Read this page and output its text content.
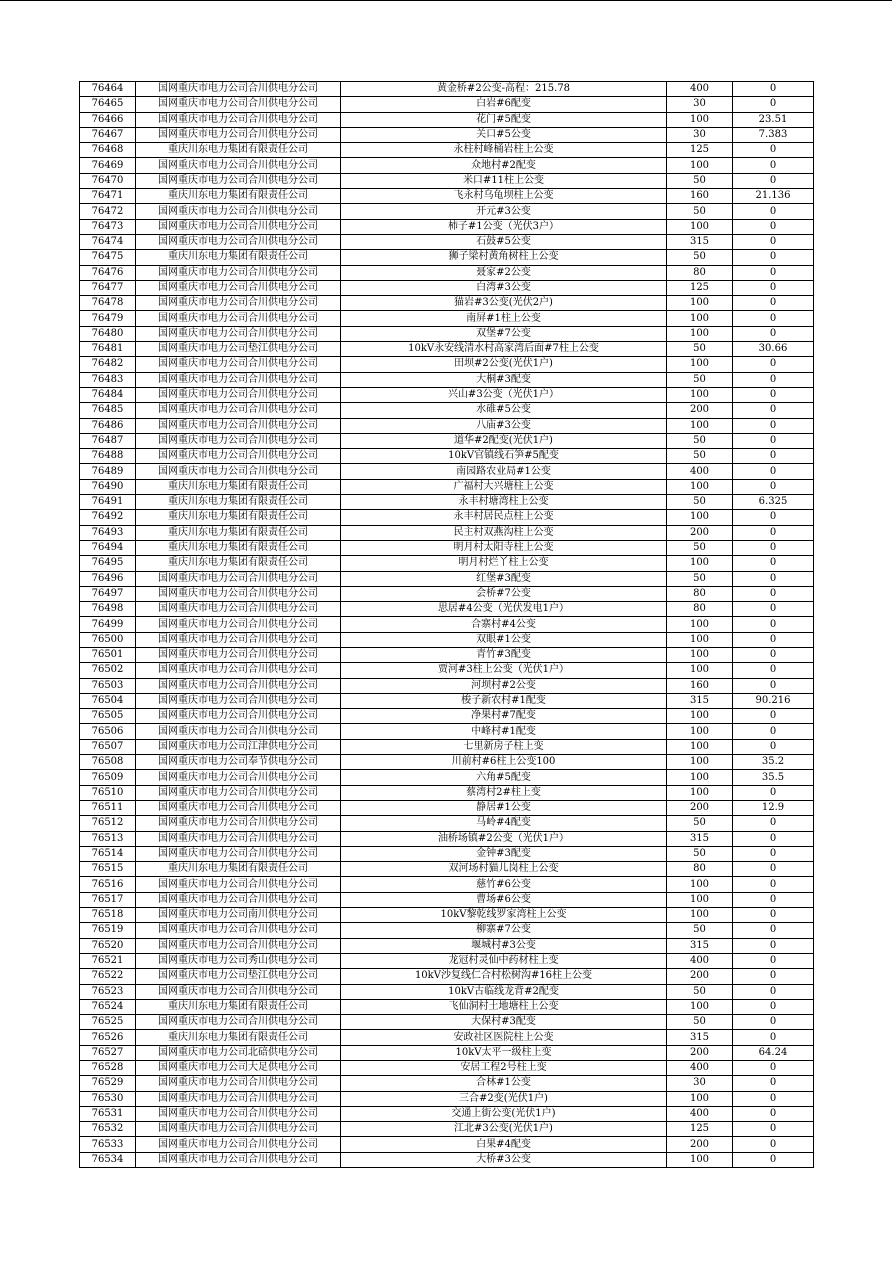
76464	国网重庆市电力公司合川供电分公司	黄金桥#2公变-高程：215.78	400	0
76465	国网重庆市电力公司合川供电分公司	白岩#6配变	30	0
76466	国网重庆市电力公司合川供电分公司	花门#5配变	100	23.51
76467	国网重庆市电力公司合川供电分公司	关口#5公变	30	7.383
76468	重庆川东电力集团有限责任公司	永柱村峰桶岩柱上公变	125	0
76469	国网重庆市电力公司合川供电分公司	众地村#2配变	100	0
76470	国网重庆市电力公司合川供电分公司	米口#11柱上公变	50	0
76471	重庆川东电力集团有限责任公司	飞永村乌龟坝柱上公变	160	21.136
76472	国网重庆市电力公司合川供电分公司	开元#3公变	50	0
76473	国网重庆市电力公司合川供电分公司	柿子#1公变（光伏3户）	100	0
76474	国网重庆市电力公司合川供电分公司	石鼓#5公变	315	0
76475	重庆川东电力集团有限责任公司	狮子梁村黄角树柱上公变	50	0
76476	国网重庆市电力公司合川供电分公司	聂家#2公变	80	0
76477	国网重庆市电力公司合川供电分公司	白湾#3公变	125	0
76478	国网重庆市电力公司合川供电分公司	猫岩#3公变(光伏2户)	100	0
76479	国网重庆市电力公司合川供电分公司	南屏#1柱上公变	100	0
76480	国网重庆市电力公司合川供电分公司	双堡#7公变	100	0
76481	国网重庆市电力公司垫江供电分公司	10kV永安线清水村高家湾后面#7柱上公变	50	30.66
76482	国网重庆市电力公司合川供电分公司	田坝#2公变(光伏1户)	100	0
76483	国网重庆市电力公司合川供电分公司	大桐#3配变	50	0
76484	国网重庆市电力公司合川供电分公司	兴山#3公变（光伏1户）	100	0
76485	国网重庆市电力公司合川供电分公司	水碓#5公变	200	0
76486	国网重庆市电力公司合川供电分公司	八庙#3公变	100	0
76487	国网重庆市电力公司合川供电分公司	道华#2配变(光伏1户)	50	0
76488	国网重庆市电力公司合川供电分公司	10kV官镇线石笋#5配变	50	0
76489	国网重庆市电力公司合川供电分公司	南园路农业局#1公变	400	0
76490	重庆川东电力集团有限责任公司	广福村大兴塘柱上公变	100	0
76491	重庆川东电力集团有限责任公司	永丰村塘湾柱上公变	50	6.325
76492	重庆川东电力集团有限责任公司	永丰村居民点柱上公变	100	0
76493	重庆川东电力集团有限责任公司	民主村双燕沟柱上公变	200	0
76494	重庆川东电力集团有限责任公司	明月村太阳寺柱上公变	50	0
76495	重庆川东电力集团有限责任公司	明月村烂丫柱上公变	100	0
76496	国网重庆市电力公司合川供电分公司	红堡#3配变	50	0
76497	国网重庆市电力公司合川供电分公司	会桥#7公变	80	0
76498	国网重庆市电力公司合川供电分公司	思居#4公变（光伏发电1户）	80	0
76499	国网重庆市电力公司合川供电分公司	合寨村#4公变	100	0
76500	国网重庆市电力公司合川供电分公司	双眼#1公变	100	0
76501	国网重庆市电力公司合川供电分公司	青竹#3配变	100	0
76502	国网重庆市电力公司合川供电分公司	贾河#3柱上公变（光伏1户）	100	0
76503	国网重庆市电力公司合川供电分公司	河坝村#2公变	160	0
76504	国网重庆市电力公司合川供电分公司	梭子新农村#1配变	315	90.216
76505	国网重庆市电力公司合川供电分公司	净果村#7配变	100	0
76506	国网重庆市电力公司合川供电分公司	中峰村#1配变	100	0
76507	国网重庆市电力公司江津供电分公司	七里新房子柱上变	100	0
76508	国网重庆市电力公司奉节供电分公司	川前村#6柱上公变100	100	35.2
76509	国网重庆市电力公司合川供电分公司	六角#5配变	100	35.5
76510	国网重庆市电力公司合川供电分公司	蔡湾村2#柱上变	100	0
76511	国网重庆市电力公司合川供电分公司	静居#1公变	200	12.9
76512	国网重庆市电力公司合川供电分公司	马岭#4配变	50	0
76513	国网重庆市电力公司合川供电分公司	油桥场镇#2公变（光伏1户）	315	0
76514	国网重庆市电力公司合川供电分公司	金钟#3配变	50	0
76515	重庆川东电力集团有限责任公司	双河场村猫儿岗柱上公变	80	0
76516	国网重庆市电力公司合川供电分公司	慈竹#6公变	100	0
76517	国网重庆市电力公司合川供电分公司	曹场#6公变	100	0
76518	国网重庆市电力公司南川供电分公司	10kV黎乾线罗家湾柱上公变	100	0
76519	国网重庆市电力公司合川供电分公司	柳寨#7公变	50	0
76520	国网重庆市电力公司合川供电分公司	堰城村#3公变	315	0
76521	国网重庆市电力公司秀山供电分公司	龙冠村灵仙中药材柱上变	400	0
76522	国网重庆市电力公司垫江供电分公司	10kV沙复线仁合村松树沟#16柱上公变	200	0
76523	国网重庆市电力公司合川供电分公司	10kV古临线龙背#2配变	50	0
76524	重庆川东电力集团有限责任公司	飞仙洞村土地塘柱上公变	100	0
76525	国网重庆市电力公司合川供电分公司	大保村#3配变	50	0
76526	重庆川东电力集团有限责任公司	安政社区医院柱上公变	315	0
76527	国网重庆市电力公司北碚供电分公司	10kV太平一级柱上变	200	64.24
76528	国网重庆市电力公司大足供电分公司	安居工程2号柱上变	400	0
76529	国网重庆市电力公司合川供电分公司	合林#1公变	30	0
76530	国网重庆市电力公司合川供电分公司	三合#2变(光伏1户)	100	0
76531	国网重庆市电力公司合川供电分公司	交通上街公变(光伏1户)	400	0
76532	国网重庆市电力公司合川供电分公司	江北#3公变(光伏1户)	125	0
76533	国网重庆市电力公司合川供电分公司	白果#4配变	200	0
76534	国网重庆市电力公司合川供电分公司	大桥#3公变	100	0
